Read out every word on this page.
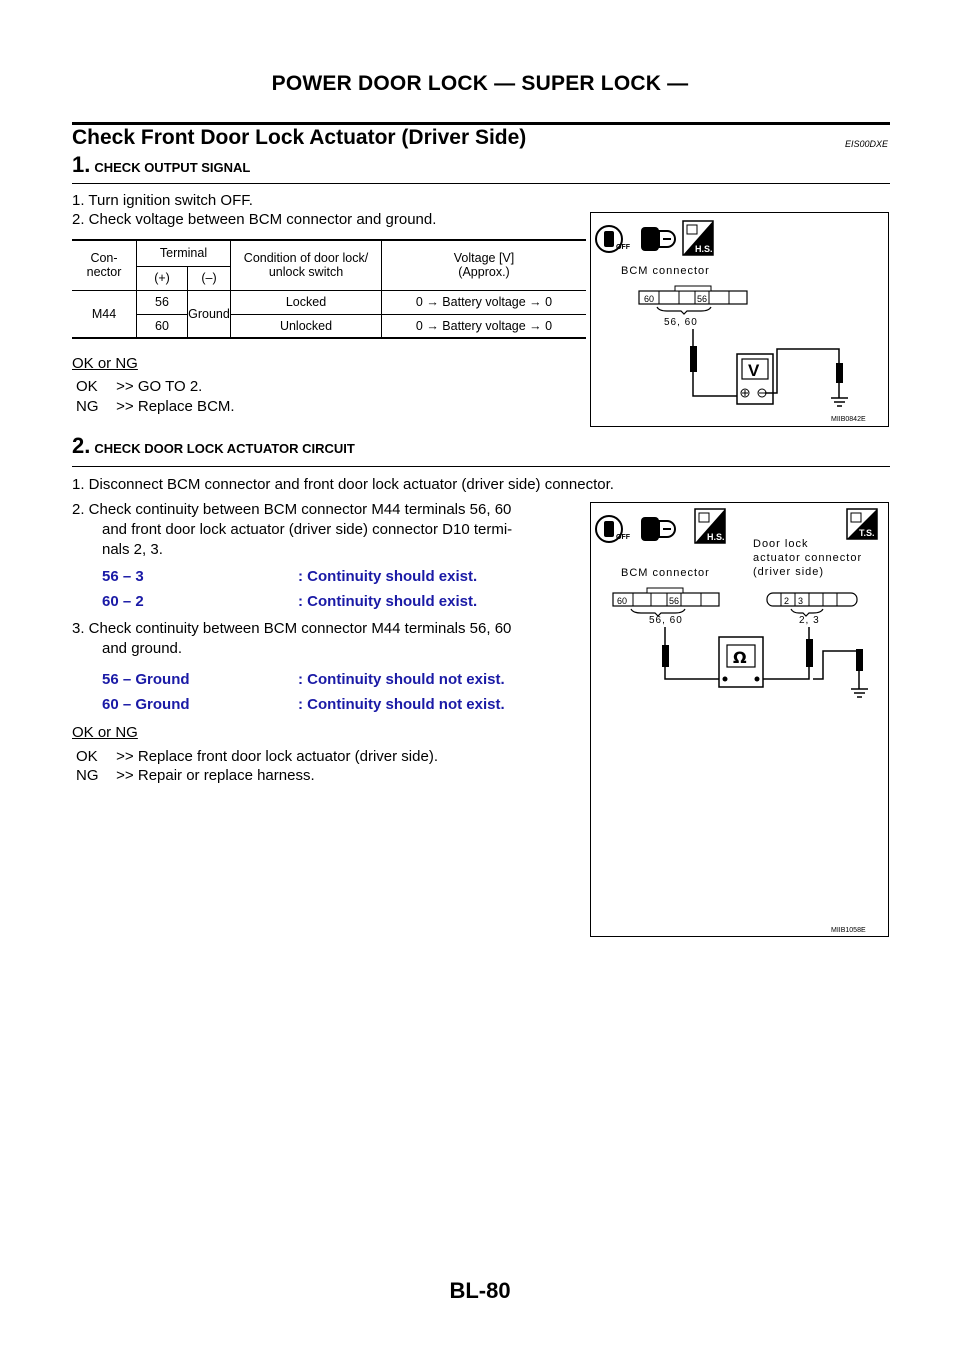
POWER DOOR LOCK — SUPER LOCK —
Check Front Door Lock Actuator (Driver Side)	EIS00DXE
1. CHECK OUTPUT SIGNAL
1. Turn ignition switch OFF.
2. Check voltage between BCM connector and ground.
Con-
nector	Terminal		Condition of door lock/
unlock switch	Voltage [V]
(Approx.)
	(+)	(–)		
M44	56	Ground	Locked	0 → Battery voltage → 0
	60		Unlocked	0 → Battery voltage → 0
OK or NG
OK >> GO TO 2.
NG >> Replace BCM.
OFF	H.S.
BCM connector
60	56
56, 60
V
MIIB0842E
2. CHECK DOOR LOCK ACTUATOR CIRCUIT
1. Disconnect BCM connector and front door lock actuator (driver side) connector.
2. Check continuity between BCM connector M44 terminals 56, 60
and front door lock actuator (driver side) connector D10 termi-
nals 2, 3.
56 – 3	: Continuity should exist.
60 – 2	: Continuity should exist.
3. Check continuity between BCM connector M44 terminals 56, 60
and ground.
56 – Ground	: Continuity should not exist.
60 – Ground	: Continuity should not exist.
OK or NG
OK >> Replace front door lock actuator (driver side).
NG >> Repair or replace harness.
OFF	H.S.	T.S.
Door lock
actuator connector
(driver side)
BCM connector
60	56
56, 60
2 3
2, 3
Ω
MIIB1058E
BL-80
